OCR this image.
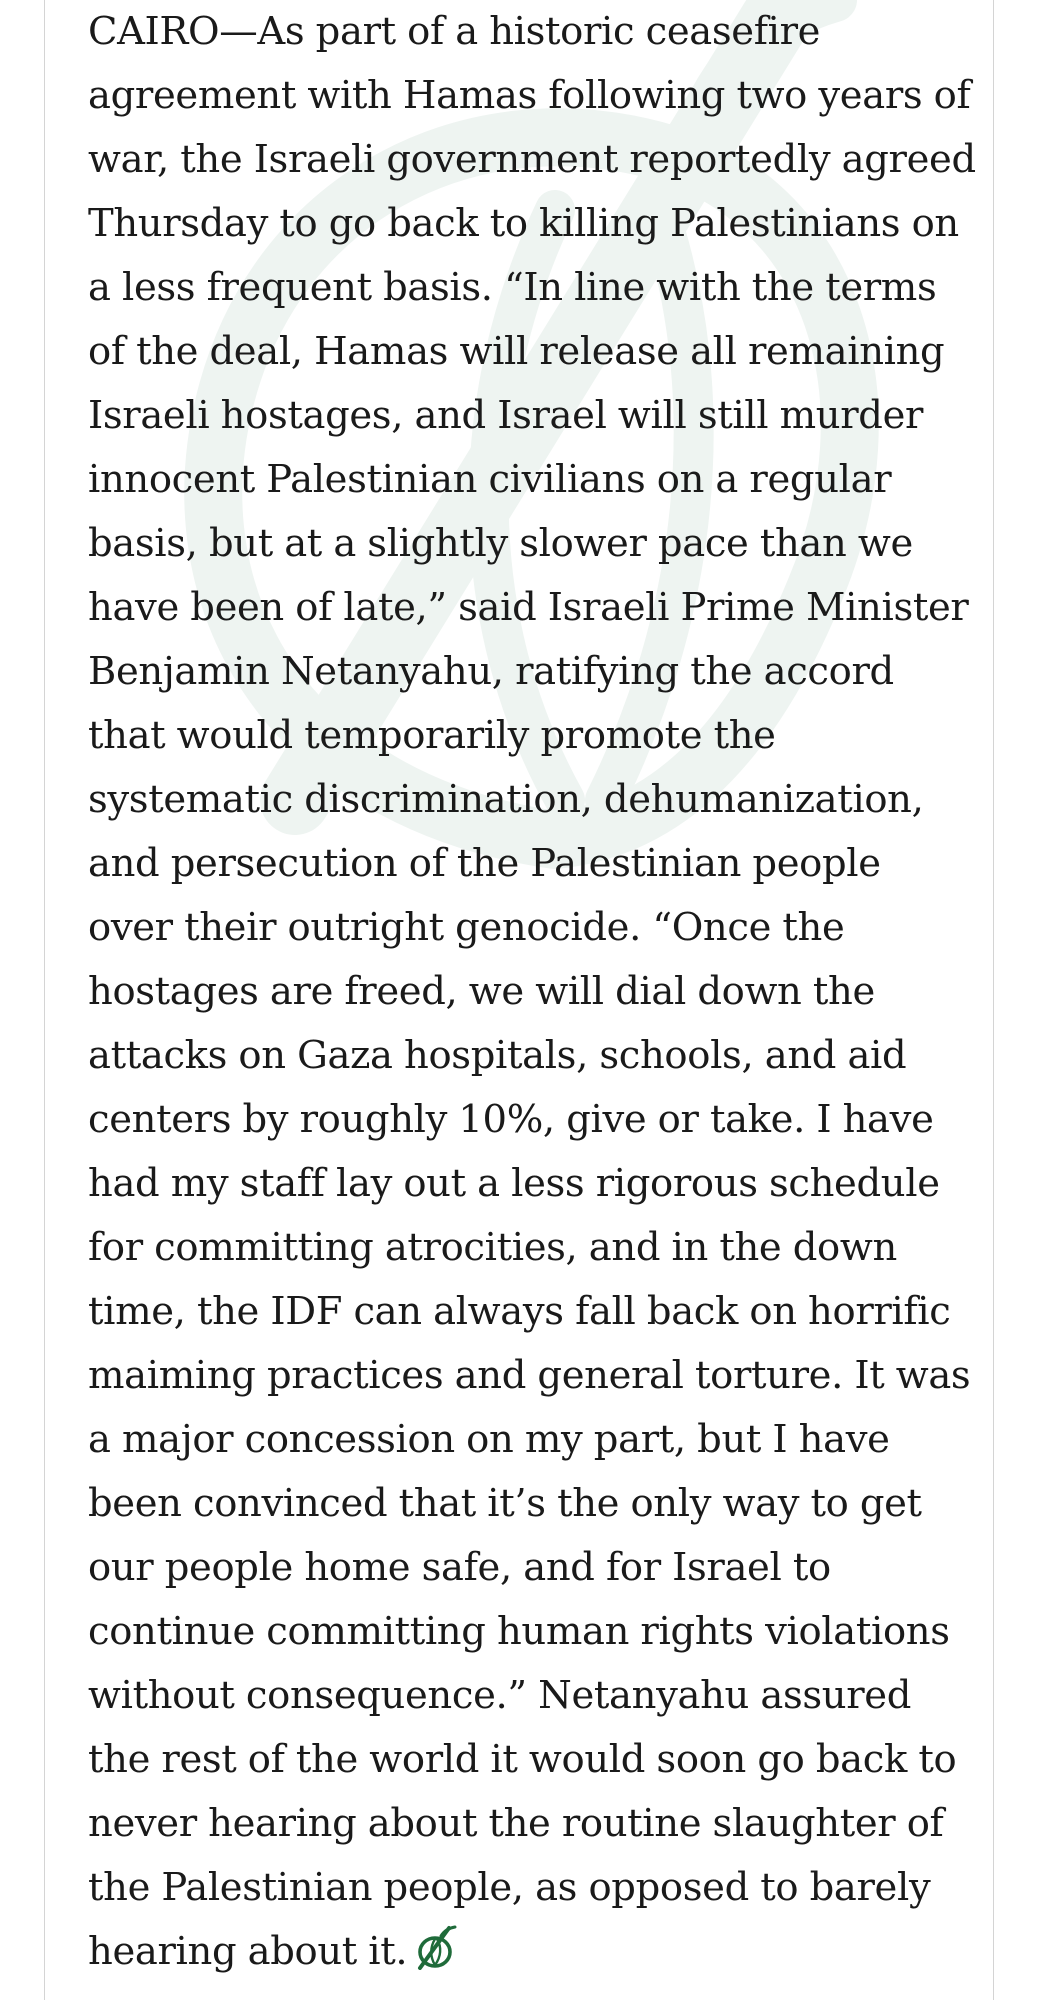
CAIRO—As part of a historic ceasefire
agreement with Hamas following two years of
war, the Israeli government reportedly agreed
Thursday to go back to killing Palestinians on
a less frequent basis. “In line with the terms
of the deal, Hamas will release all remaining
Israeli hostages, and Israel will still murder
innocent Palestinian civilians on a regular
basis, but at a slightly slower pace than we
have been of late,” said Israeli Prime Minister
Benjamin Netanyahu, ratifying the accord
that would temporarily promote the
systematic discrimination, dehumanization,
and persecution of the Palestinian people
over their outright genocide. “Once the
hostages are freed, we will dial down the
attacks on Gaza hospitals, schools, and aid
centers by roughly 10%, give or take. I have
had my staff lay out a less rigorous schedule
for committing atrocities, and in the down
time, the IDF can always fall back on horrific
maiming practices and general torture. It was
a major concession on my part, but I have
been convinced that it’s the only way to get
our people home safe, and for Israel to
continue committing human rights violations
without consequence.” Netanyahu assured
the rest of the world it would soon go back to
never hearing about the routine slaughter of
the Palestinian people, as opposed to barely
hearing about it.
